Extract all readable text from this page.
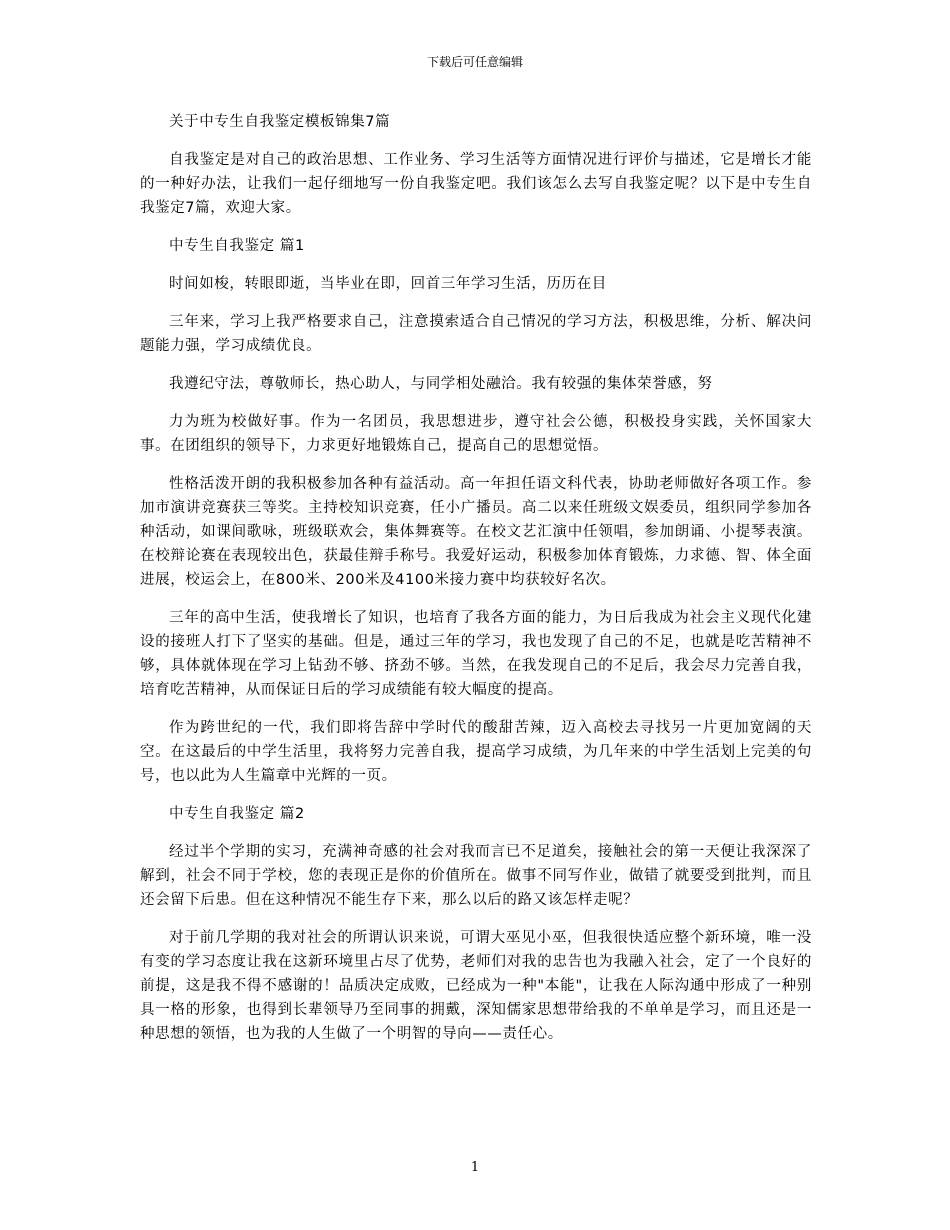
下载后可任意编辑

关于中专生自我鉴定模板锦集7篇

自我鉴定是对自己的政治思想、工作业务、学习生活等方面情况进行评价与描述，它是增长才能的一种好办法，让我们一起仔细地写一份自我鉴定吧。我们该怎么去写自我鉴定呢？以下是中专生自我鉴定7篇，欢迎大家。

中专生自我鉴定 篇1

时间如梭，转眼即逝，当毕业在即，回首三年学习生活，历历在目

三年来，学习上我严格要求自己，注意摸索适合自己情况的学习方法，积极思维，分析、解决问题能力强，学习成绩优良。

我遵纪守法，尊敬师长，热心助人，与同学相处融洽。我有较强的集体荣誉感，努

力为班为校做好事。作为一名团员，我思想进步，遵守社会公德，积极投身实践，关怀国家大事。在团组织的领导下，力求更好地锻炼自己，提高自己的思想觉悟。

性格活泼开朗的我积极参加各种有益活动。高一年担任语文科代表，协助老师做好各项工作。参加市演讲竞赛获三等奖。主持校知识竞赛，任小广播员。高二以来任班级文娱委员，组织同学参加各种活动，如课间歌咏，班级联欢会，集体舞赛等。在校文艺汇演中任领唱，参加朗诵、小提琴表演。在校辩论赛在表现较出色，获最佳辩手称号。我爱好运动，积极参加体育锻炼，力求德、智、体全面进展，校运会上，在800米、200米及4100米接力赛中均获较好名次。

三年的高中生活，使我增长了知识，也培育了我各方面的能力，为日后我成为社会主义现代化建设的接班人打下了坚实的基础。但是，通过三年的学习，我也发现了自己的不足，也就是吃苦精神不够，具体就体现在学习上钻劲不够、挤劲不够。当然，在我发现自己的不足后，我会尽力完善自我，培育吃苦精神，从而保证日后的学习成绩能有较大幅度的提高。

作为跨世纪的一代，我们即将告辞中学时代的酸甜苦辣，迈入高校去寻找另一片更加宽阔的天空。在这最后的中学生活里，我将努力完善自我，提高学习成绩，为几年来的中学生活划上完美的句号，也以此为人生篇章中光辉的一页。

中专生自我鉴定 篇2

经过半个学期的实习，充满神奇感的社会对我而言已不足道矣，接触社会的第一天便让我深深了解到，社会不同于学校，您的表现正是你的价值所在。做事不同写作业，做错了就要受到批判，而且还会留下后患。但在这种情况不能生存下来，那么以后的路又该怎样走呢？

对于前几学期的我对社会的所谓认识来说，可谓大巫见小巫，但我很快适应整个新环境，唯一没有变的学习态度让我在这新环境里占尽了优势，老师们对我的忠告也为我融入社会，定了一个良好的前提，这是我不得不感谢的！品质决定成败，已经成为一种"本能"，让我在人际沟通中形成了一种别具一格的形象，也得到长辈领导乃至同事的拥戴，深知儒家思想带给我的不单单是学习，而且还是一种思想的领悟，也为我的人生做了一个明智的导向——责任心。

1
